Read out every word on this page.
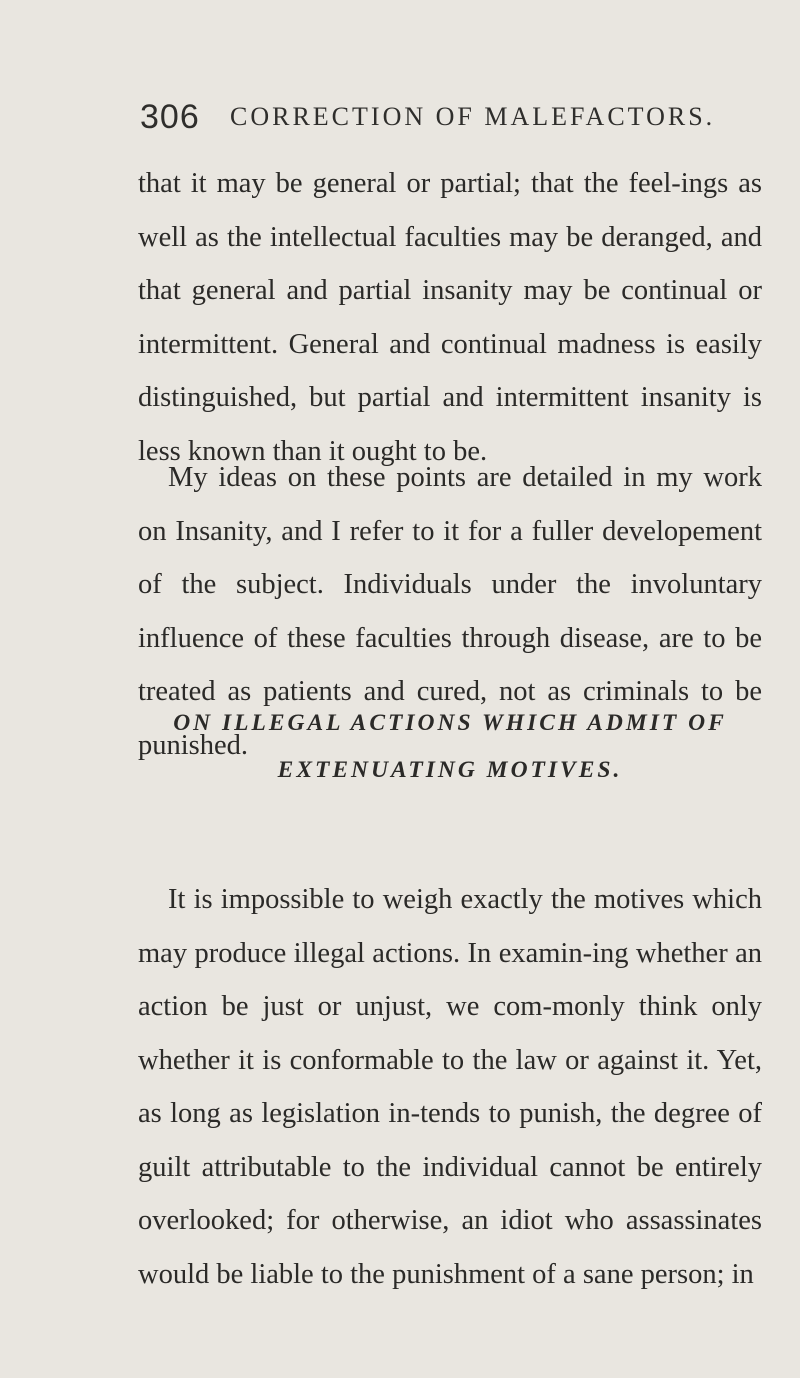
306	CORRECTION OF MALEFACTORS.

that it may be general or partial; that the feel-ings as well as the intellectual faculties may be deranged, and that general and partial insanity may be continual or intermittent. General and continual madness is easily distinguished, but partial and intermittent insanity is less known than it ought to be.

My ideas on these points are detailed in my work on Insanity, and I refer to it for a fuller developement of the subject. Individuals under the involuntary influence of these faculties through disease, are to be treated as patients and cured, not as criminals to be punished.

ON ILLEGAL ACTIONS WHICH ADMIT OF
EXTENUATING MOTIVES.

It is impossible to weigh exactly the motives which may produce illegal actions. In examin-ing whether an action be just or unjust, we com-monly think only whether it is conformable to the law or against it. Yet, as long as legislation in-tends to punish, the degree of guilt attributable to the individual cannot be entirely overlooked; for otherwise, an idiot who assassinates would be liable to the punishment of a sane person; in
